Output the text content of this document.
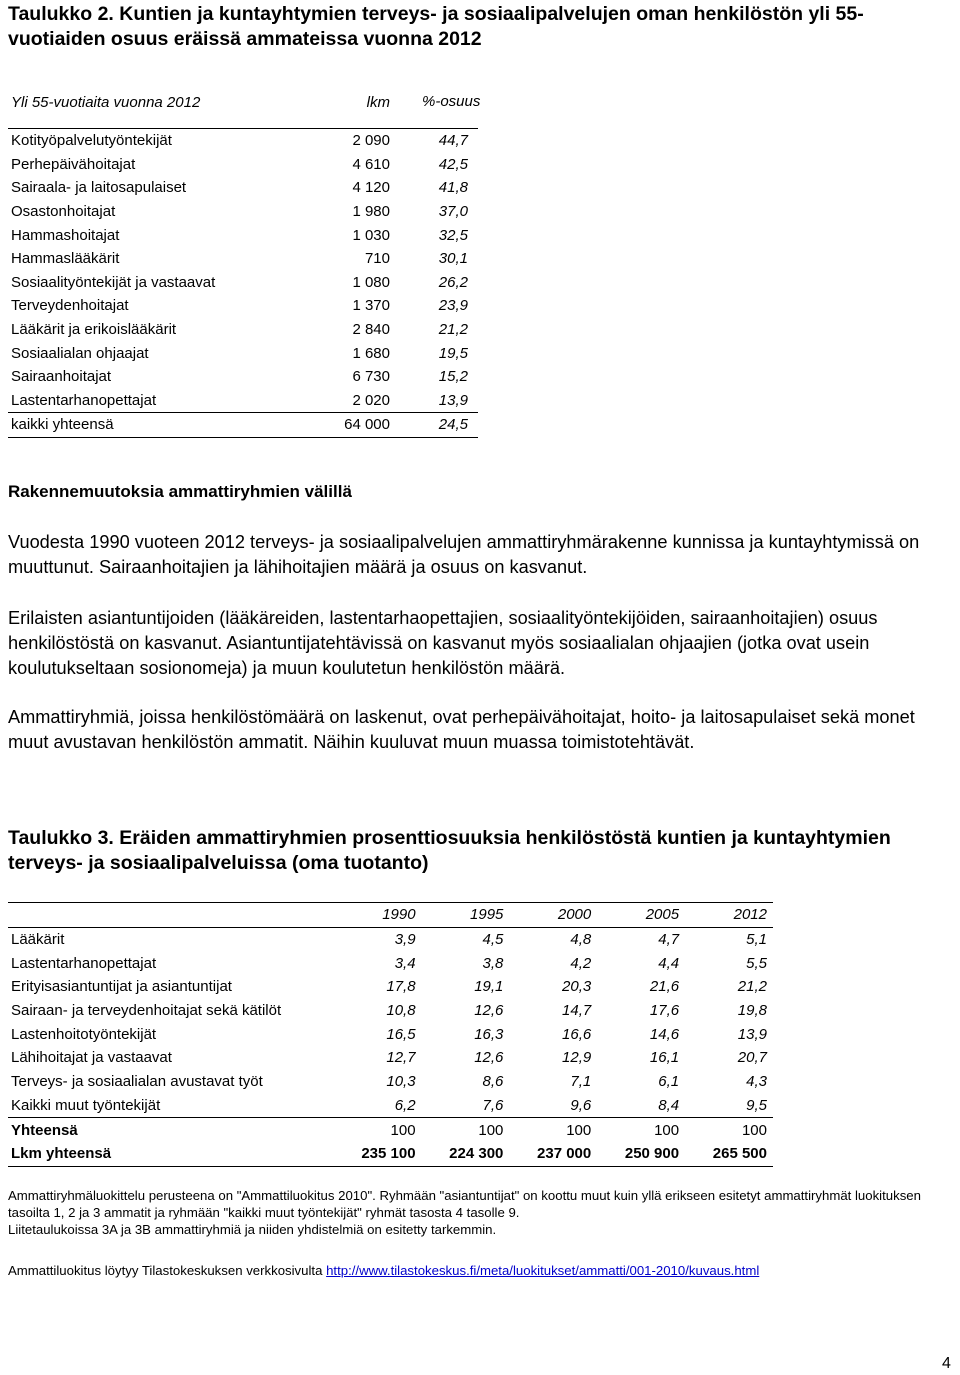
Taulukko 2. Kuntien ja kuntayhtymien terveys- ja sosiaalipalvelujen oman henkilöstön yli 55-vuotiaiden osuus eräissä ammateissa vuonna 2012

Yli 55-vuotiaita vuonna 2012	lkm	%-osuus
Kotityöpalvelutyöntekijät	2 090	44,7
Perhepäivähoitajat	4 610	42,5
Sairaala- ja laitosapulaiset	4 120	41,8
Osastonhoitajat	1 980	37,0
Hammashoitajat	1 030	32,5
Hammaslääkärit	710	30,1
Sosiaalityöntekijät ja vastaavat	1 080	26,2
Terveydenhoitajat	1 370	23,9
Lääkärit ja erikoislääkärit	2 840	21,2
Sosiaalialan ohjaajat	1 680	19,5
Sairaanhoitajat	6 730	15,2
Lastentarhanopettajat	2 020	13,9
kaikki yhteensä	64 000	24,5
Rakennemuutoksia ammattiryhmien välillä

Vuodesta 1990 vuoteen 2012 terveys- ja sosiaalipalvelujen ammattiryhmärakenne kunnissa ja kuntayhtymissä on muuttunut. Sairaanhoitajien ja lähihoitajien määrä ja osuus on kasvanut.

Erilaisten asiantuntijoiden (lääkäreiden, lastentarhaopettajien, sosiaalityöntekijöiden, sairaanhoitajien) osuus henkilöstöstä on kasvanut. Asiantuntijatehtävissä on kasvanut myös sosiaalialan ohjaajien (jotka ovat usein koulutukseltaan sosionomeja) ja muun koulutetun henkilöstön määrä.

Ammattiryhmiä, joissa henkilöstömäärä on laskenut, ovat perhepäivähoitajat, hoito- ja laitosapulaiset sekä monet muut avustavan henkilöstön ammatit. Näihin kuuluvat muun muassa toimistotehtävät.

Taulukko 3. Eräiden ammattiryhmien prosenttiosuuksia henkilöstöstä kuntien ja kuntayhtymien terveys- ja sosiaalipalveluissa (oma tuotanto)

	1990	1995	2000	2005	2012
Lääkärit	3,9	4,5	4,8	4,7	5,1
Lastentarhanopettajat	3,4	3,8	4,2	4,4	5,5
Erityisasiantuntijat ja asiantuntijat	17,8	19,1	20,3	21,6	21,2
Sairaan- ja terveydenhoitajat sekä kätilöt	10,8	12,6	14,7	17,6	19,8
Lastenhoitotyöntekijät	16,5	16,3	16,6	14,6	13,9
Lähihoitajat ja vastaavat	12,7	12,6	12,9	16,1	20,7
Terveys- ja sosiaalialan avustavat työt	10,3	8,6	7,1	6,1	4,3
Kaikki muut työntekijät	6,2	7,6	9,6	8,4	9,5
Yhteensä	100	100	100	100	100
Lkm yhteensä	235 100	224 300	237 000	250 900	265 500
Ammattiryhmäluokittelu perusteena on "Ammattiluokitus 2010". Ryhmään "asiantuntijat" on koottu muut kuin yllä erikseen esitetyt ammattiryhmät luokituksen tasoilta 1, 2 ja 3 ammatit ja ryhmään "kaikki muut työntekijät" ryhmät tasosta 4 tasolle 9.
Liitetaulukoissa 3A ja 3B ammattiryhmiä ja niiden yhdistelmiä on esitetty tarkemmin.

Ammattiluokitus löytyy Tilastokeskuksen verkkosivulta http://www.tilastokeskus.fi/meta/luokitukset/ammatti/001-2010/kuvaus.html

4
